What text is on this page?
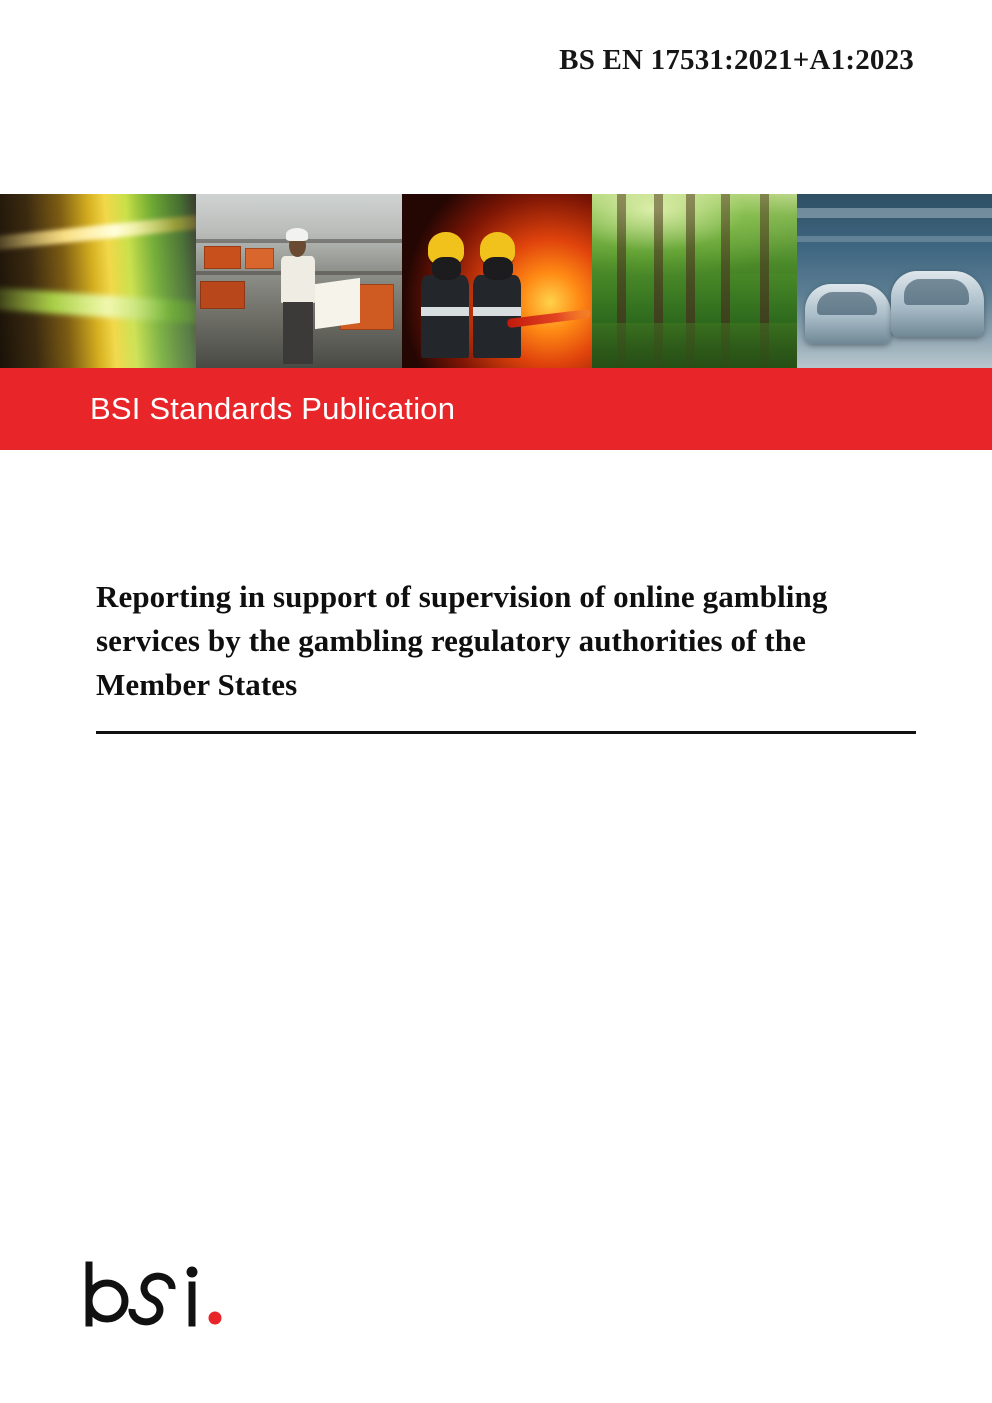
BS EN 17531:2021+A1:2023
BSI Standards Publication
Reporting in support of supervision of online gambling services by the gambling regulatory authorities of the Member States
